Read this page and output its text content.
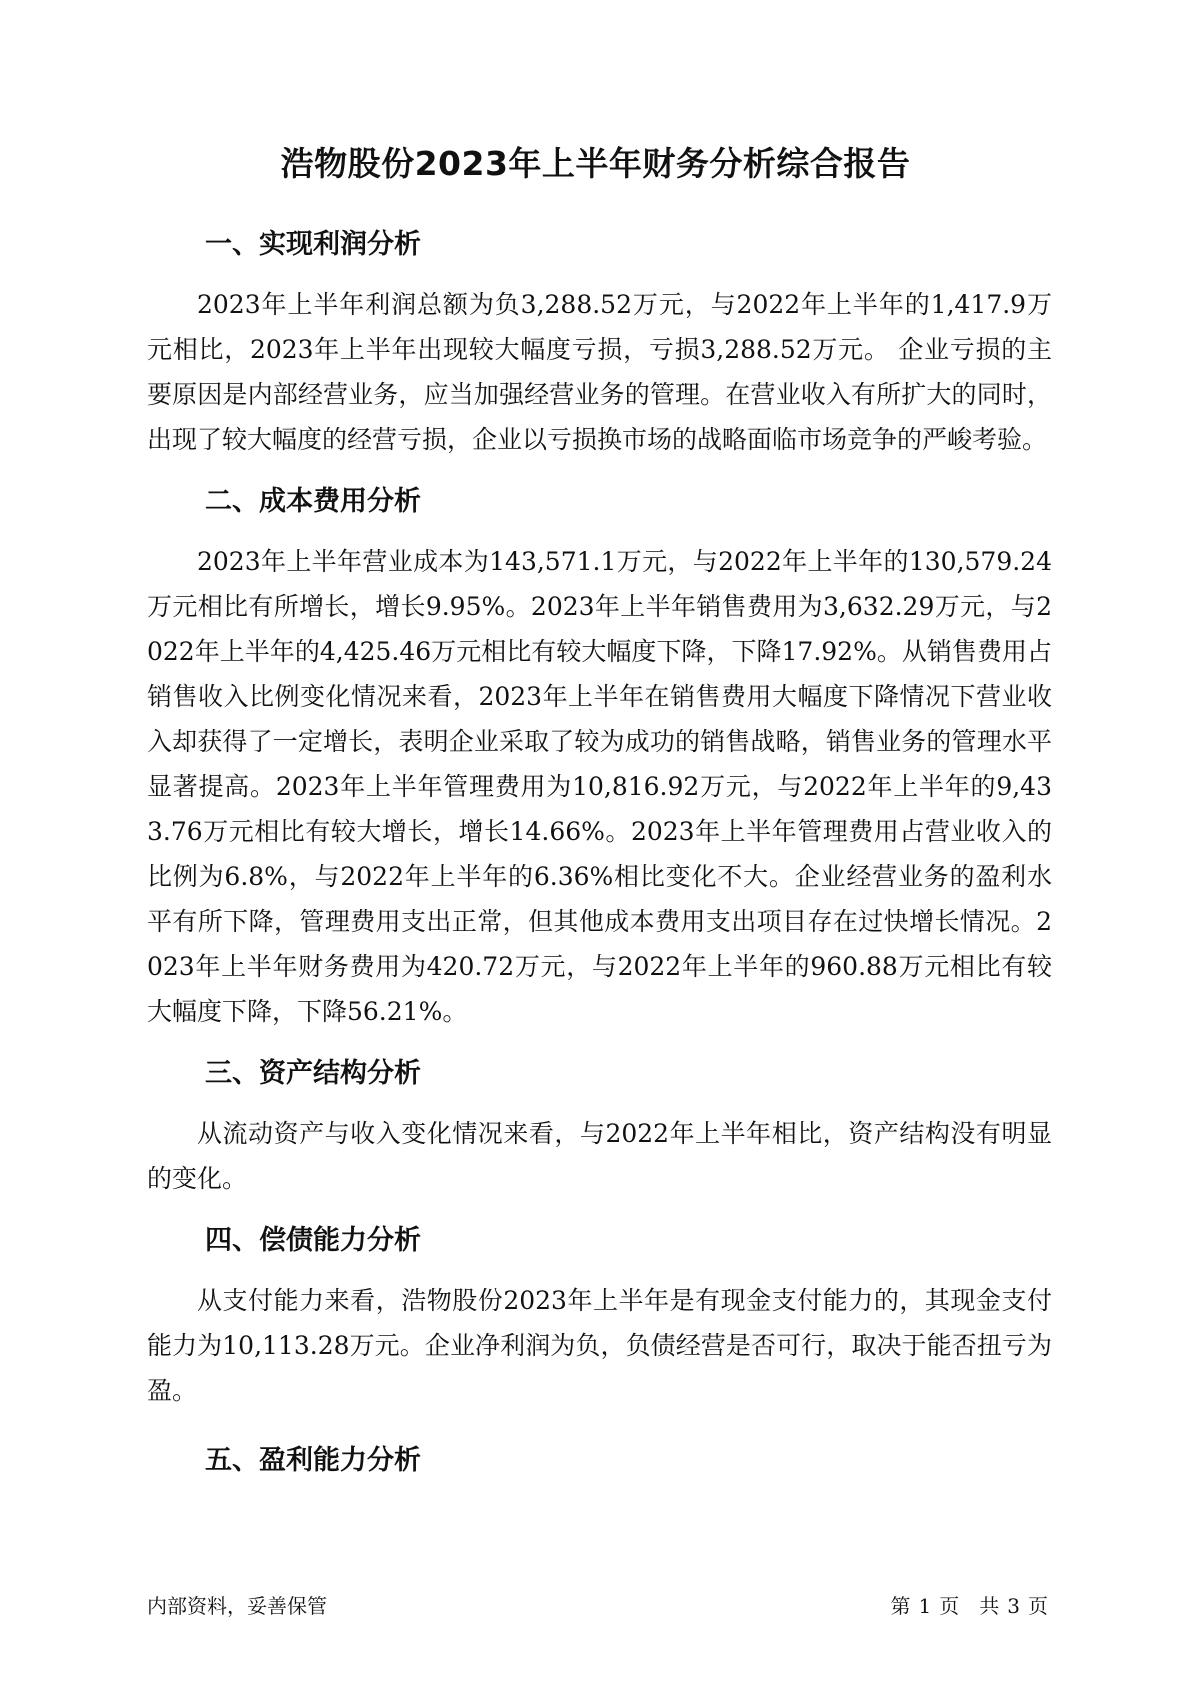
浩物股份2023年上半年财务分析综合报告
一、实现利润分析

2023年上半年利润总额为负3,288.52万元，与2022年上半年的1,417.9万元相比，2023年上半年出现较大幅度亏损，亏损3,288.52万元。 企业亏损的主要原因是内部经营业务，应当加强经营业务的管理。在营业收入有所扩大的同时，出现了较大幅度的经营亏损，企业以亏损换市场的战略面临市场竞争的严峻考验。

二、成本费用分析

2023年上半年营业成本为143,571.1万元，与2022年上半年的130,579.24万元相比有所增长，增长9.95%。2023年上半年销售费用为3,632.29万元，与2022年上半年的4,425.46万元相比有较大幅度下降，下降17.92%。从销售费用占销售收入比例变化情况来看，2023年上半年在销售费用大幅度下降情况下营业收入却获得了一定增长，表明企业采取了较为成功的销售战略，销售业务的管理水平显著提高。2023年上半年管理费用为10,816.92万元，与2022年上半年的9,433.76万元相比有较大增长，增长14.66%。2023年上半年管理费用占营业收入的比例为6.8%，与2022年上半年的6.36%相比变化不大。企业经营业务的盈利水平有所下降，管理费用支出正常，但其他成本费用支出项目存在过快增长情况。2023年上半年财务费用为420.72万元，与2022年上半年的960.88万元相比有较大幅度下降，下降56.21%。

三、资产结构分析

从流动资产与收入变化情况来看，与2022年上半年相比，资产结构没有明显的变化。

四、偿债能力分析

从支付能力来看，浩物股份2023年上半年是有现金支付能力的，其现金支付能力为10,113.28万元。企业净利润为负，负债经营是否可行，取决于能否扭亏为盈。

五、盈利能力分析
内部资料，妥善保管	第 1 页　共 3 页
